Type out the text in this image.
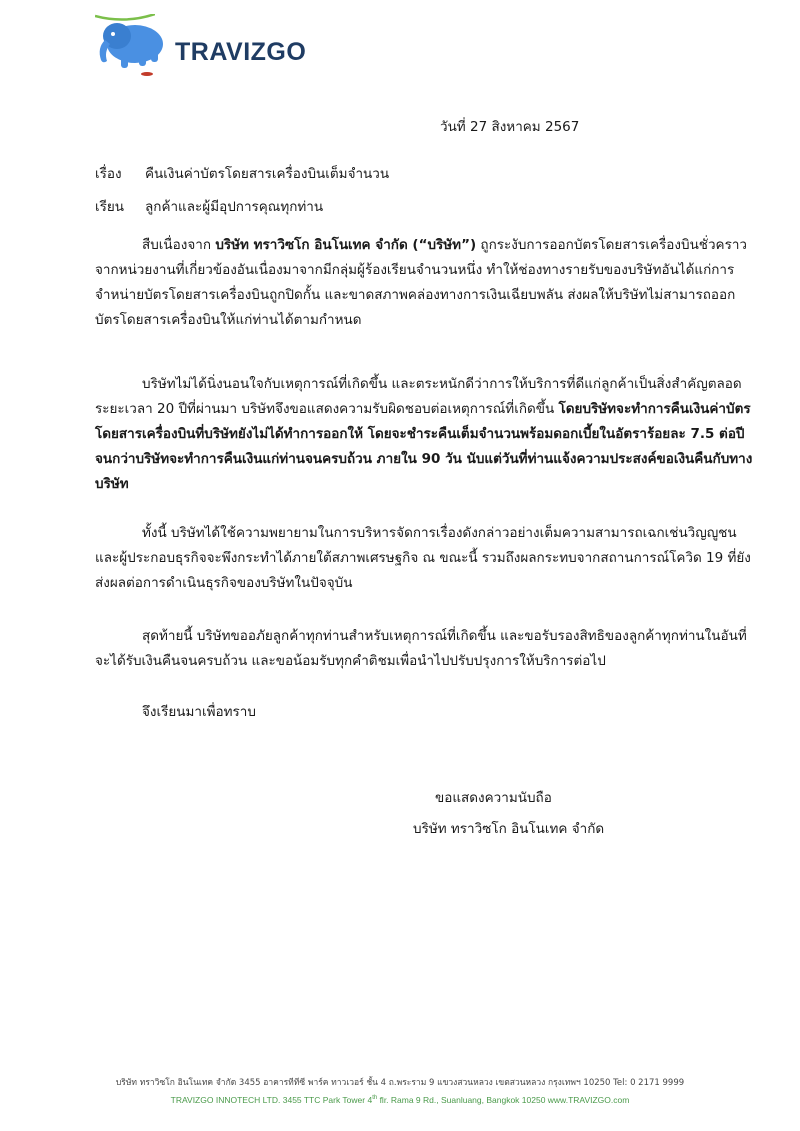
TRAVIZGO
วันที่ 27 สิงหาคม 2567
เรื่อง คืนเงินค่าบัตรโดยสารเครื่องบินเต็มจำนวน
เรียน ลูกค้าและผู้มีอุปการคุณทุกท่าน

สืบเนื่องจาก บริษัท ทราวิซโก อินโนเทค จำกัด (“บริษัท”) ถูกระงับการออกบัตรโดยสารเครื่องบินชั่วคราวจากหน่วยงานที่เกี่ยวข้องอันเนื่องมาจากมีกลุ่มผู้ร้องเรียนจำนวนหนึ่ง ทำให้ช่องทางรายรับของบริษัทอันได้แก่การจำหน่ายบัตรโดยสารเครื่องบินถูกปิดกั้น และขาดสภาพคล่องทางการเงินเฉียบพลัน ส่งผลให้บริษัทไม่สามารถออกบัตรโดยสารเครื่องบินให้แก่ท่านได้ตามกำหนด

บริษัทไม่ได้นิ่งนอนใจกับเหตุการณ์ที่เกิดขึ้น และตระหนักดีว่าการให้บริการที่ดีแก่ลูกค้าเป็นสิ่งสำคัญตลอดระยะเวลา 20 ปีที่ผ่านมา บริษัทจึงขอแสดงความรับผิดชอบต่อเหตุการณ์ที่เกิดขึ้น โดยบริษัทจะทำการคืนเงินค่าบัตรโดยสารเครื่องบินที่บริษัทยังไม่ได้ทำการออกให้ โดยจะชำระคืนเต็มจำนวนพร้อมดอกเบี้ยในอัตราร้อยละ 7.5 ต่อปี จนกว่าบริษัทจะทำการคืนเงินแก่ท่านจนครบถ้วน ภายใน 90 วัน นับแต่วันที่ท่านแจ้งความประสงค์ขอเงินคืนกับทางบริษัท

ทั้งนี้ บริษัทได้ใช้ความพยายามในการบริหารจัดการเรื่องดังกล่าวอย่างเต็มความสามารถเฉกเช่นวิญญูชนและผู้ประกอบธุรกิจจะพึงกระทำได้ภายใต้สภาพเศรษฐกิจ ณ ขณะนี้ รวมถึงผลกระทบจากสถานการณ์โควิด 19 ที่ยังส่งผลต่อการดำเนินธุรกิจของบริษัทในปัจจุบัน

สุดท้ายนี้ บริษัทขออภัยลูกค้าทุกท่านสำหรับเหตุการณ์ที่เกิดขึ้น และขอรับรองสิทธิของลูกค้าทุกท่านในอันที่จะได้รับเงินคืนจนครบถ้วน และขอน้อมรับทุกคำติชมเพื่อนำไปปรับปรุงการให้บริการต่อไป

จึงเรียนมาเพื่อทราบ

ขอแสดงความนับถือ
บริษัท ทราวิซโก อินโนเทค จำกัด
บริษัท ทราวิซโก อินโนเทค จำกัด 3455 อาคารทีทีซี พาร์ค ทาวเวอร์ ชั้น 4 ถ.พระราม 9 แขวงสวนหลวง เขตสวนหลวง กรุงเทพฯ 10250 Tel: 0 2171 9999
TRAVIZGO INNOTECH LTD. 3455 TTC Park Tower 4th flr. Rama 9 Rd., Suanluang, Bangkok 10250 www.TRAVIZGO.com
